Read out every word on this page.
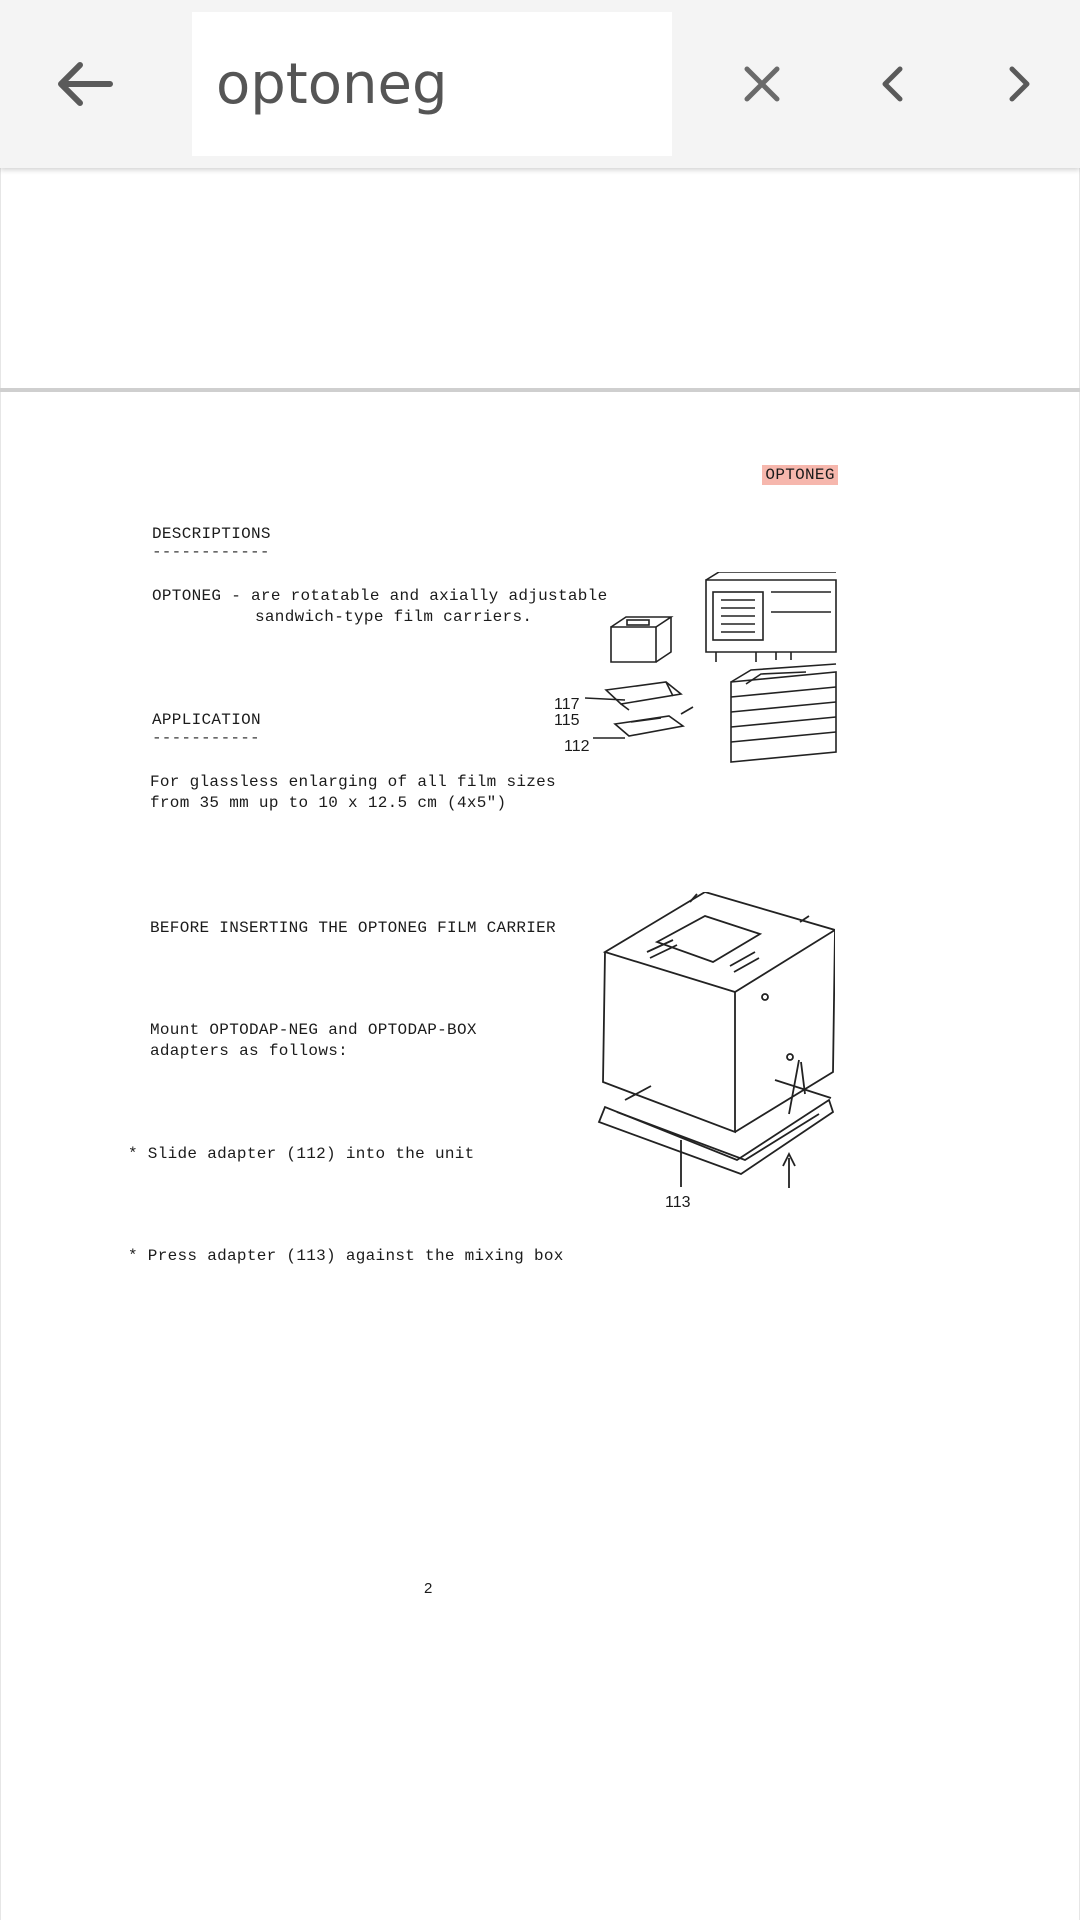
optoneg

OPTONEG

DESCRIPTIONS
------------
OPTONEG - are rotatable and axially adjustable
sandwich-type film carriers.
APPLICATION
-----------
For glassless enlarging of all film sizes
from 35 mm up to 10 x 12.5 cm (4x5")
BEFORE INSERTING THE OPTONEG FILM CARRIER
Mount OPTODAP-NEG and OPTODAP-BOX
adapters as follows:
* Slide adapter (112) into the unit
* Press adapter (113) against the mixing box
117
115
112
113
2
